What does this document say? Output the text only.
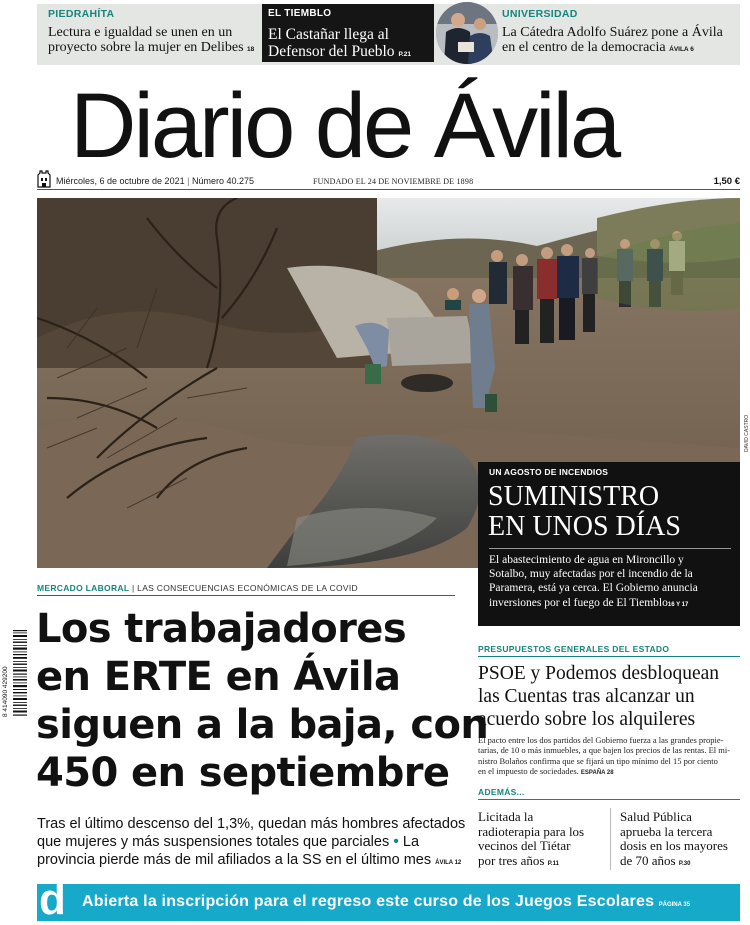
PIEDRAHÍTA
Lectura e igualdad se unen en un
proyecto sobre la mujer en Delibes 18
EL TIEMBLO
El Castañar llega al
Defensor del Pueblo P.21
UNIVERSIDAD
La Cátedra Adolfo Suárez pone a Ávila
en el centro de la democracia ÁVILA 6
Diario de Ávila
Miércoles, 6 de octubre de 2021 | Número 40.275	FUNDADO EL 24 DE NOVIEMBRE DE 1898	1,50 €
DAVID CASTRO
UN AGOSTO DE INCENDIOS
SUMINISTRO
EN UNOS DÍAS
El abastecimiento de agua en Mironcillo y
Sotalbo, muy afectadas por el incendio de la
Paramera, está ya cerca. El Gobierno anuncia
inversiones por el fuego de El Tiemblo16 Y 17
MERCADO LABORAL | LAS CONSECUENCIAS ECONÓMICAS DE LA COVID
Los trabajadores
en ERTE en Ávila
siguen a la baja, con
450 en septiembre
Tras el último descenso del 1,3%, quedan más hombres afectados
que mujeres y más suspensiones totales que parciales • La
provincia pierde más de mil afiliados a la SS en el último mes ÁVILA 12
8 414090 429200
PRESUPUESTOS GENERALES DEL ESTADO
PSOE y Podemos desbloquean
las Cuentas tras alcanzar un
acuerdo sobre los alquileres
El pacto entre los dos partidos del Gobierno fuerza a las grandes propie-
tarias, de 10 o más inmuebles, a que bajen los precios de las rentas. El mi-
nistro Bolaños confirma que se fijará un tipo mínimo del 15 por ciento
en el impuesto de sociedades. ESPAÑA 28
ADEMÁS...
Licitada la
radioterapia para los
vecinos del Tiétar
por tres años P.11
Salud Pública
aprueba la tercera
dosis en los mayores
de 70 años P.30
d Abierta la inscripción para el regreso este curso de los Juegos Escolares PÁGINA 35
